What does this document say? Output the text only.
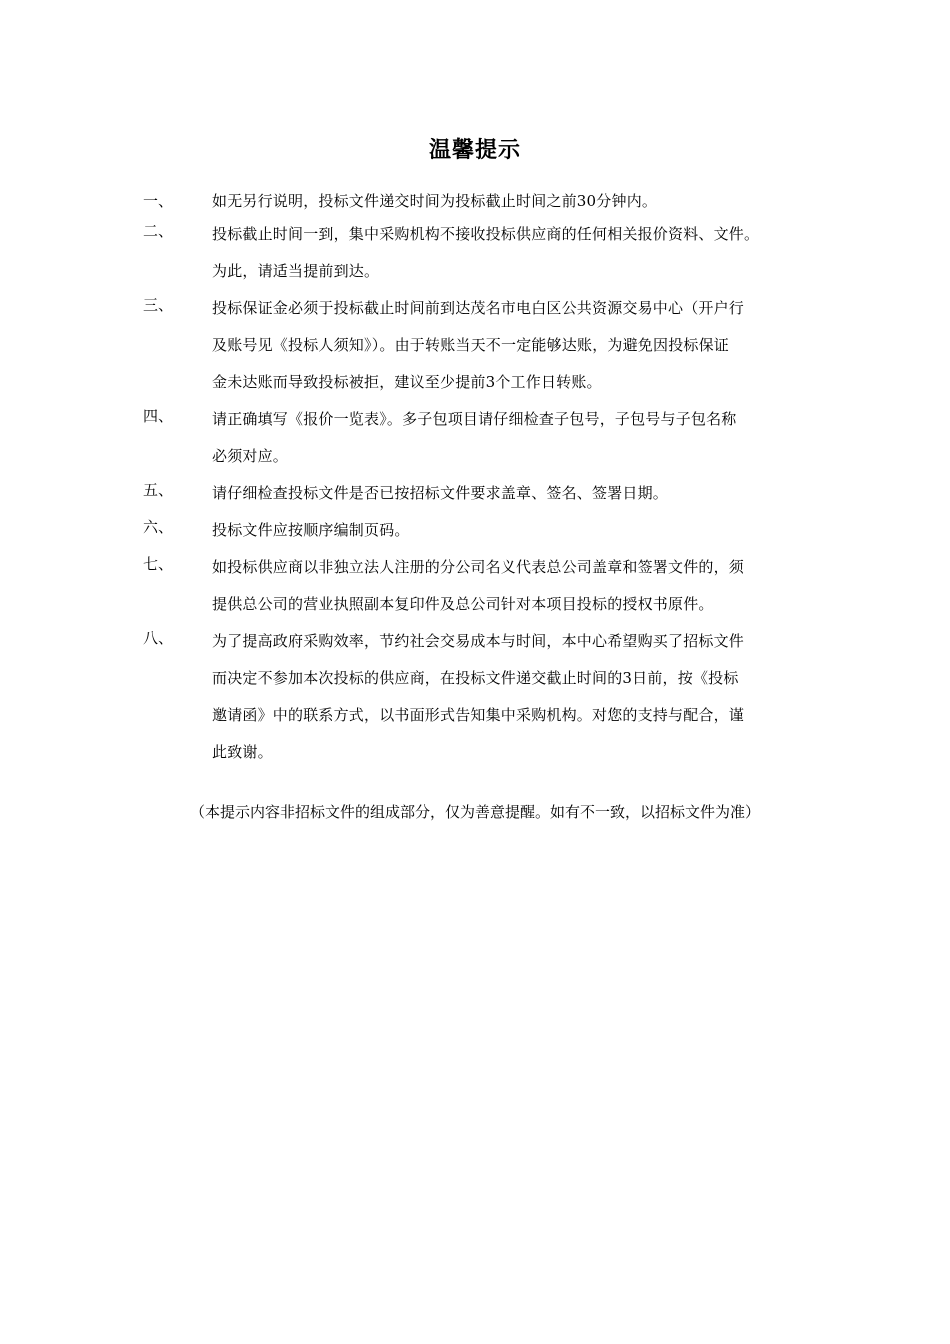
温馨提示
一、	如无另行说明，投标文件递交时间为投标截止时间之前30分钟内。
二、	投标截止时间一到，集中采购机构不接收投标供应商的任何相关报价资料、文件。
为此，请适当提前到达。
三、	投标保证金必须于投标截止时间前到达茂名市电白区公共资源交易中心（开户行
及账号见《投标人须知》）。由于转账当天不一定能够达账，为避免因投标保证
金未达账而导致投标被拒，建议至少提前3个工作日转账。
四、	请正确填写《报价一览表》。多子包项目请仔细检查子包号，子包号与子包名称
必须对应。
五、	请仔细检查投标文件是否已按招标文件要求盖章、签名、签署日期。
六、	投标文件应按顺序编制页码。
七、	如投标供应商以非独立法人注册的分公司名义代表总公司盖章和签署文件的，须
提供总公司的营业执照副本复印件及总公司针对本项目投标的授权书原件。
八、	为了提高政府采购效率，节约社会交易成本与时间，本中心希望购买了招标文件
而决定不参加本次投标的供应商，在投标文件递交截止时间的3日前，按《投标
邀请函》中的联系方式，以书面形式告知集中采购机构。对您的支持与配合，谨
此致谢。
（本提示内容非招标文件的组成部分，仅为善意提醒。如有不一致，以招标文件为准）
